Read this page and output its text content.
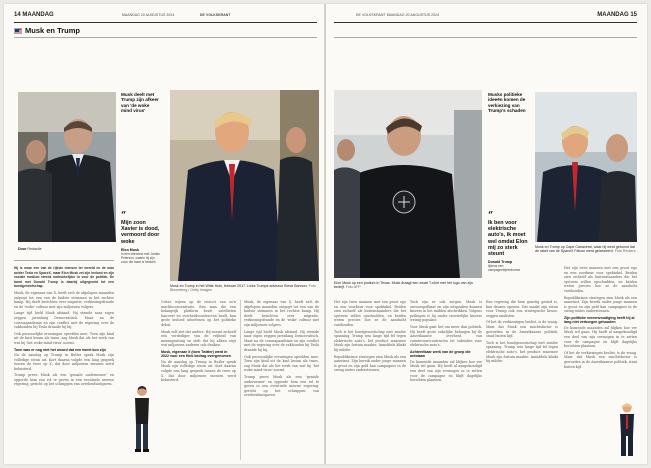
14 MAANDAG	MAANDAG 20 AUGUSTUS 2024	DE VOLKSKRANT
Musk en Trump
Musk deelt met Trump zijn afkeer van 'de woke mind virus'
“
Mijn zoon Xavier is dood, vermoord door woke
Elon Musk
in een interview met Jordan Peterson, waarin hij zijn zoon die trans is bedoelt
Musk en Trump in het Witte Huis, februari 2017. Links Trumps adviseur Steve Bannon. Foto Bloomberg / Getty Images
Door Redactie

Hij is maar een van de rijkste mensen ter wereld en de man achter Tesla en SpaceX, maar Elon Musk zet zijn invloed en zijn sociale medium steeds nadrukkelijker in voor de politiek. De band met Donald Trump is daarbij uitgegroeid tot een bondgenootschap.

Musk, de eigenaar van X, heeft zich de afgelopen maanden ontpopt tot een van de luidste stemmen in het rechtse kamp. Hij deelt berichten over migratie, verkiezingsfraude en de 'woke' cultuur met zijn miljoenen volgers.

Lange tijd hield Musk afstand. Hij stemde naar eigen zeggen jarenlang Democratisch. Maar na de coronapandemie en zijn conflict met de regering over de vakbonden bij Tesla draaide hij bij.

Ook persoonlijke ervaringen speelden mee. Toen zijn kind uit de kast kwam als trans, zag Musk dat als het werk van wat hij 'het woke mind virus' noemt.

Toen was er nog niet het woord dat een tweet kon zijn

Na de aanslag op Trump in Butler sprak Musk zijn volledige steun uit. Kort daarna volgde een lang gesprek tussen de twee op X, dat door miljoenen mensen werd beluisterd.

Trump prees Musk als een 'geniale ondernemer' en opperde hem een rol te geven in een eventuele nieuwe regering, gericht op het schrappen van overheidsuitgaven.

Critici wijzen op de risico's van zo'n machtsconcentratie. Een man die een belangrijk platform bezit, satellieten lanceert en overheidscontracten heeft, kan grote invloed uitoefenen op het politieke debat.

Musk zelf ziet dat anders. Hij noemt zichzelf een verdediger van de vrijheid van meningsuiting en stelt dat hij alleen zegt wat miljoenen anderen ook denken.

Musk, eigenaar X (toen Twitter) werd in 2022 voor een flink bedrag overgenomen

Na de aanslag op Trump in Butler sprak Musk zijn volledige steun uit. Kort daarna volgde een lang gesprek tussen de twee op X, dat door miljoenen mensen werd beluisterd.

Musk, de eigenaar van X, heeft zich de afgelopen maanden ontpopt tot een van de luidste stemmen in het rechtse kamp. Hij deelt berichten over migratie, verkiezingsfraude en de 'woke' cultuur met zijn miljoenen volgers.

Lange tijd hield Musk afstand. Hij stemde naar eigen zeggen jarenlang Democratisch. Maar na de coronapandemie en zijn conflict met de regering over de vakbonden bij Tesla draaide hij bij.

Ook persoonlijke ervaringen speelden mee. Toen zijn kind uit de kast kwam als trans, zag Musk dat als het werk van wat hij 'het woke mind virus' noemt.

Trump prees Musk als een 'geniale ondernemer' en opperde hem een rol te geven in een eventuele nieuwe regering, gericht op het schrappen van overheidsuitgaven.

DE VOLKSKRANT MAANDAG 20 AUGUSTUS 2024	MAANDAG 15
Elon Musk op een podium in Texas. Musk draagt een zwart T-shirt met het logo van zijn bedrijf. Foto AFP
Musks politieke ideeën komen de verkiezing van Trump's schaden
“
Ik ben voor elektrische auto's, ik moet wel omdat Elon mij zo sterk steunt
Donald Trump
tijdens een campagnebijeenkomst
Musk en Trump op Cape Canaveral, waar hij werd getoond dat de raket van de SpaceX Falcon werd gelanceerd. Foto Reuters

Het zijn twee mannen met een groot ego en een voorkeur voor spektakel. Beiden zien zichzelf als buitenstaanders die het systeem willen opschudden, en beiden weten precies hoe ze de aandacht vasthouden.

Toch is het bondgenootschap niet zonder spanning. Trump was lange tijd fel tegen elektrische auto's, het product waarmee Musk zijn fortuin maakte. Inmiddels klinkt hij milder.

Republikeinse strategen zien Musk als een aanwinst. Zijn bereik onder jonge mannen is groot en zijn geld kan campagnes in de swing states ondersteunen.

Toch zijn er ook zorgen. Musk is onvoorspelbaar en zijn uitspraken kunnen kiezers in het midden afschrikken. Volgens peilingen is hij onder vrouwelijke kiezers weinig populair.

Voor Musk gaat het om meer dan politiek. Hij heeft grote zakelijke belangen bij de Amerikaanse overheid, van ruimtevaartcontracten tot subsidies voor elektrische auto's.

Achterelkaar werk van de groep die ontstaan

De komende maanden zal blijken hoe ver Musk wil gaan. Hij heeft al aangekondigd een deel van zijn vermogen in te zetten voor de campagne en blijft dagelijks berichten plaatsen.

Een regering die hem gunstig gezind is, kan deuren openen. Dat maakt zijn steun voor Trump ook een strategische keuze, zeggen analisten.

Of het de verkiezingen beslist, is de vraag. Maar dat Musk een machtsfactor is geworden in de Amerikaanse politiek, staat buiten kijf.

Toch is het bondgenootschap niet zonder spanning. Trump was lange tijd fel tegen elektrische auto's, het product waarmee Musk zijn fortuin maakte. Inmiddels klinkt hij milder.

Het zijn twee mannen met een groot ego en een voorkeur voor spektakel. Beiden zien zichzelf als buitenstaanders die het systeem willen opschudden, en beiden weten precies hoe ze de aandacht vasthouden.

Republikeinse strategen zien Musk als een aanwinst. Zijn bereik onder jonge mannen is groot en zijn geld kan campagnes in de swing states ondersteunen.

Zijn politieke vereenvoudiging heeft hij al lang niet verborgen gehouden

De komende maanden zal blijken hoe ver Musk wil gaan. Hij heeft al aangekondigd een deel van zijn vermogen in te zetten voor de campagne en blijft dagelijks berichten plaatsen.

Of het de verkiezingen beslist, is de vraag. Maar dat Musk een machtsfactor is geworden in de Amerikaanse politiek, staat buiten kijf.
